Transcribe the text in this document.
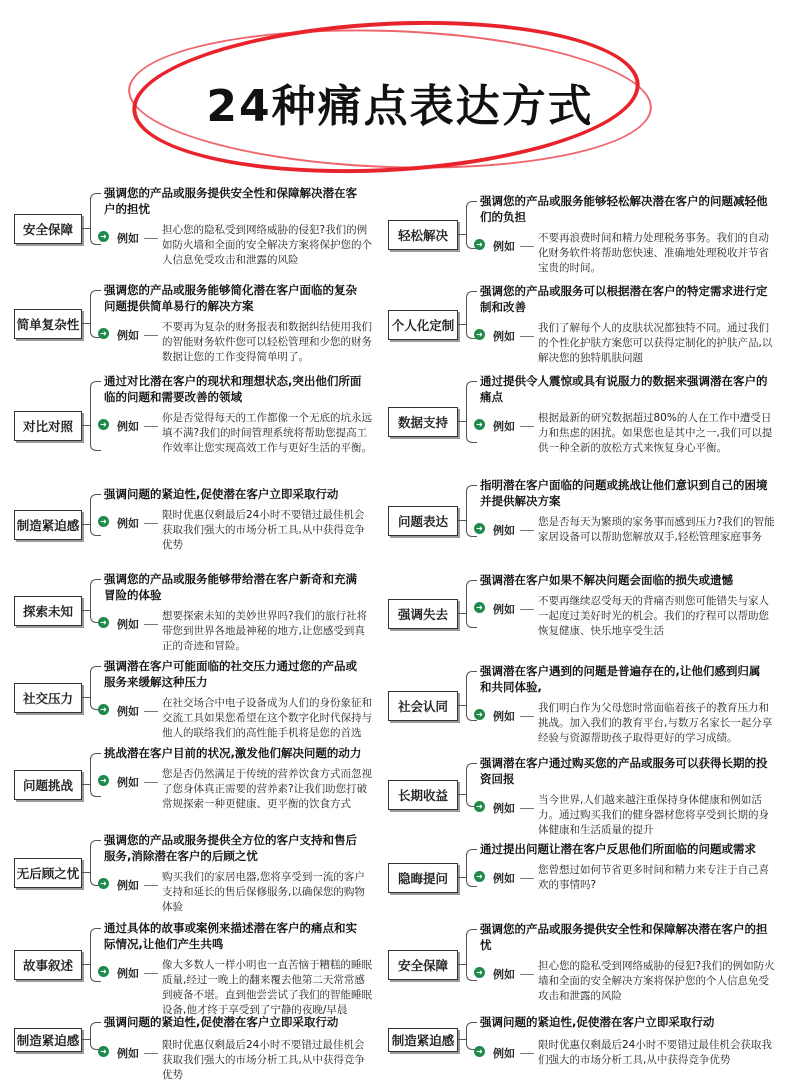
24种痛点表达方式
安全保障
强调您的产品或服务提供安全性和保障解决潜在客户的担忧
➜ 例如
担心您的隐私受到网络威胁的侵犯?我们的例如防火墙和全面的安全解决方案将保护您的个人信息免受攻击和泄露的风险
简单复杂性
强调您的产品或服务能够简化潜在客户面临的复杂问题提供简单易行的解决方案
➜ 例如
不要再为复杂的财务报表和数据纠结使用我们的智能财务软件您可以轻松管理和少您的财务数据让您的工作变得简单明了。
对比对照
通过对比潜在客户的现状和理想状态,突出他们所面临的问题和需要改善的领域
➜ 例如
你是否觉得每天的工作都像一个无底的坑永远填不满?我们的时间管理系统将帮助您提高工作效率让您实现高效工作与更好生活的平衡。
制造紧迫感
强调问题的紧迫性,促使潜在客户立即采取行动
➜ 例如
限时优惠仅剩最后24小时不要错过最佳机会获取我们强大的市场分析工具,从中获得竞争优势
探索未知
强调您的产品或服务能够带给潜在客户新奇和充满冒险的体验
➜ 例如
想要探索未知的美妙世界吗?我们的旅行社将带您到世界各地最神秘的地方,让您感受到真正的奇迹和冒险。
社交压力
强调潜在客户可能面临的社交压力通过您的产品或服务来缓解这种压力
➜ 例如
在社交场合中电子设备成为人们的身份象征和交流工具如果您希望在这个数字化时代保持与他人的联络我们的高性能手机将是您的首选
问题挑战
挑战潜在客户目前的状况,激发他们解决问题的动力
➜ 例如
您是否仍然满足于传统的营养饮食方式而忽视了您身体真正需要的营养素?让我们助您打破常规探索一种更健康、更平衡的饮食方式
无后顾之忧
强调您的产品或服务提供全方位的客户支持和售后服务,消除潜在客户的后顾之忧
➜ 例如
购买我们的家居电器,您将享受到一流的客户支持和延长的售后保修服务,以确保您的购物体验
故事叙述
通过具体的故事或案例来描述潜在客户的痛点和实际情况,让他们产生共鸣
➜ 例如
像大多数人一样小明也一直苦恼于糟糕的睡眠质量,经过一晚上的翻来覆去他第二天常常感到疲备不堪。直到他尝尝试了我们的智能睡眠设备,他才终于享受到了宁静的夜晚/早晨
制造紧迫感
强调问题的紧迫性,促使潜在客户立即采取行动
➜ 例如
限时优惠仅剩最后24小时不要错过最佳机会获取我们强大的市场分析工具,从中获得竞争优势
轻松解决
强调您的产品或服务能够轻松解决潜在客户的问题减轻他们的负担
➜ 例如
不要再浪费时间和精力处理税务事务。我们的自动化财务软件将帮助您快速、准确地处理税收并节省宝贵的时间。
个人化定制
强调您的产品或服务可以根据潜在客户的特定需求进行定制和改善
➜ 例如
我们了解每个人的皮肤状况都独特不同。通过我们的个性化护肤方案您可以获得定制化的护肤产品,以解决您的独特肌肤问题
数据支持
通过提供令人震惊或具有说服力的数据来强调潜在客户的痛点
➜ 例如
根据最新的研究数据超过80%的人在工作中遭受日力和焦虑的困扰。如果您也是其中之一,我们可以提供一种全新的放松方式来恢复身心平衡。
问题表达
指明潜在客户面临的问题或挑战让他们意识到自己的困境并提供解决方案
➜ 例如
您是否每天为繁琐的家务事而感到压力?我们的智能家居设备可以帮助您解放双手,轻松管理家庭事务
强调失去
强调潜在客户如果不解决问题会面临的损失或遗憾
➜ 例如
不要再继续忍受每天的背痛否则您可能错失与家人一起度过美好时光的机会。我们的疗程可以帮助您恢复健康、快乐地享受生活
社会认同
强调潜在客户遇到的问题是普遍存在的,让他们感到归属和共同体验,
➜ 例如
我们明白作为父母您时常面临着孩子的教育压力和挑战。加入我们的教育平台,与数万名家长一起分享经验与资源帮助孩子取得更好的学习成绩。
长期收益
强调潜在客户通过购买您的产品或服务可以获得长期的投资回报
➜ 例如
当今世界,人们越来越注重保持身体健康和例如活力。通过购买我们的健身器材您将享受到长期的身体健康和生活质量的提升
隐晦提问
通过提出问题让潜在客户反思他们所面临的问题或需求
➜ 例如
您曾想过如何节省更多时间和精力来专注于自己喜欢的事情吗?
安全保障
强调您的产品或服务提供安全性和保障解决潜在客户的担忧
➜ 例如
担心您的隐私受到网络威胁的侵犯?我们的例如防火墙和全面的安全解决方案将保护您的个人信息免受攻击和泄露的风险
制造紧迫感
强调问题的紧迫性,促使潜在客户立即采取行动
➜ 例如
限时优惠仅剩最后24小时不要错过最佳机会获取我们强大的市场分析工具,从中获得竞争优势
